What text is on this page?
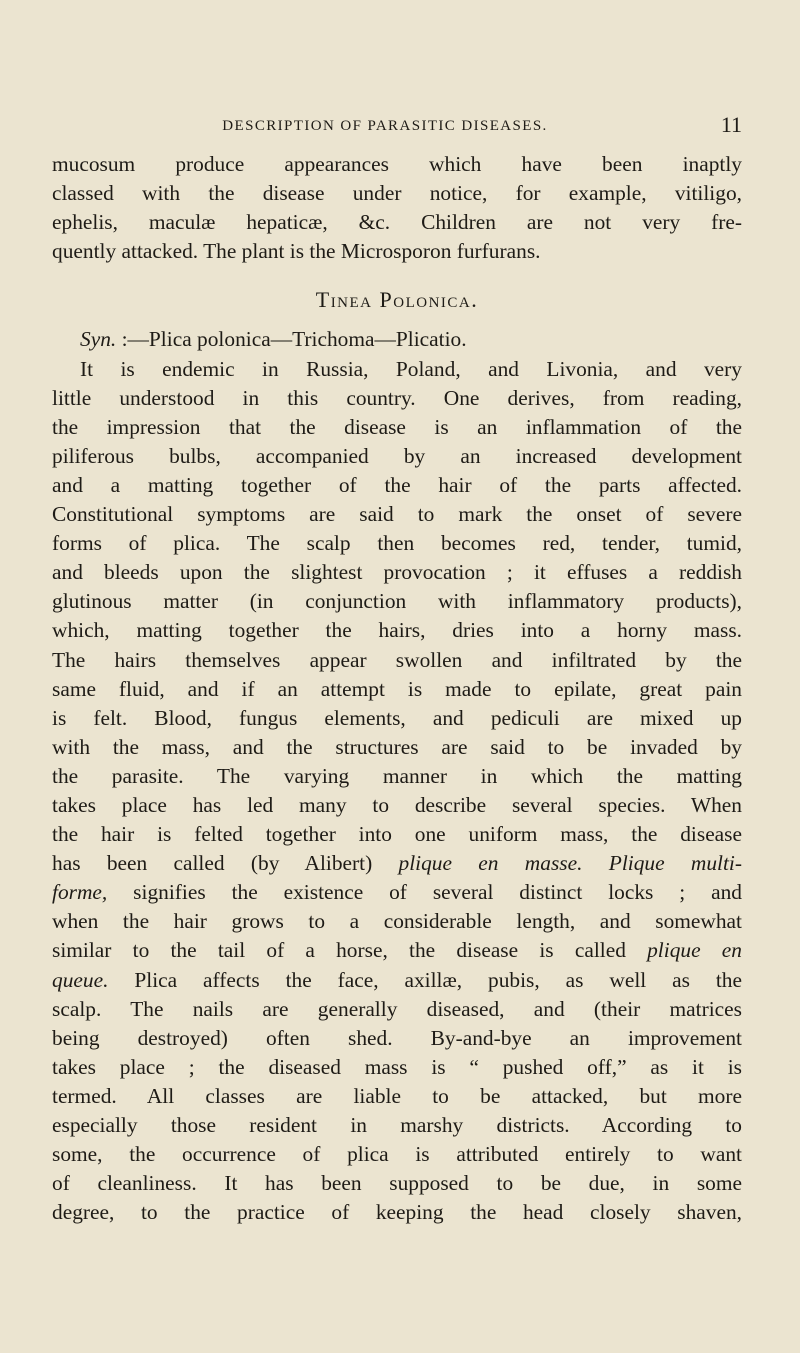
DESCRIPTION OF PARASITIC DISEASES.	11

mucosum produce appearances which have been inaptly
classed with the disease under notice, for example, vitiligo,
ephelis, maculæ hepaticæ, &c. Children are not very fre-
quently attacked. The plant is the Microsporon furfurans.

Tinea Polonica.

Syn. :—Plica polonica—Trichoma—Plicatio.

It is endemic in Russia, Poland, and Livonia, and very
little understood in this country. One derives, from reading,
the impression that the disease is an inflammation of the
piliferous bulbs, accompanied by an increased development
and a matting together of the hair of the parts affected.
Constitutional symptoms are said to mark the onset of severe
forms of plica. The scalp then becomes red, tender, tumid,
and bleeds upon the slightest provocation ; it effuses a reddish
glutinous matter (in conjunction with inflammatory products),
which, matting together the hairs, dries into a horny mass.
The hairs themselves appear swollen and infiltrated by the
same fluid, and if an attempt is made to epilate, great pain
is felt. Blood, fungus elements, and pediculi are mixed up
with the mass, and the structures are said to be invaded by
the parasite. The varying manner in which the matting
takes place has led many to describe several species. When
the hair is felted together into one uniform mass, the disease
has been called (by Alibert) plique en masse. Plique multi-
forme, signifies the existence of several distinct locks ; and
when the hair grows to a considerable length, and somewhat
similar to the tail of a horse, the disease is called plique en
queue. Plica affects the face, axillæ, pubis, as well as the
scalp. The nails are generally diseased, and (their matrices
being destroyed) often shed. By-and-bye an improvement
takes place ; the diseased mass is “ pushed off,” as it is
termed. All classes are liable to be attacked, but more
especially those resident in marshy districts. According to
some, the occurrence of plica is attributed entirely to want
of cleanliness. It has been supposed to be due, in some
degree, to the practice of keeping the head closely shaven,
